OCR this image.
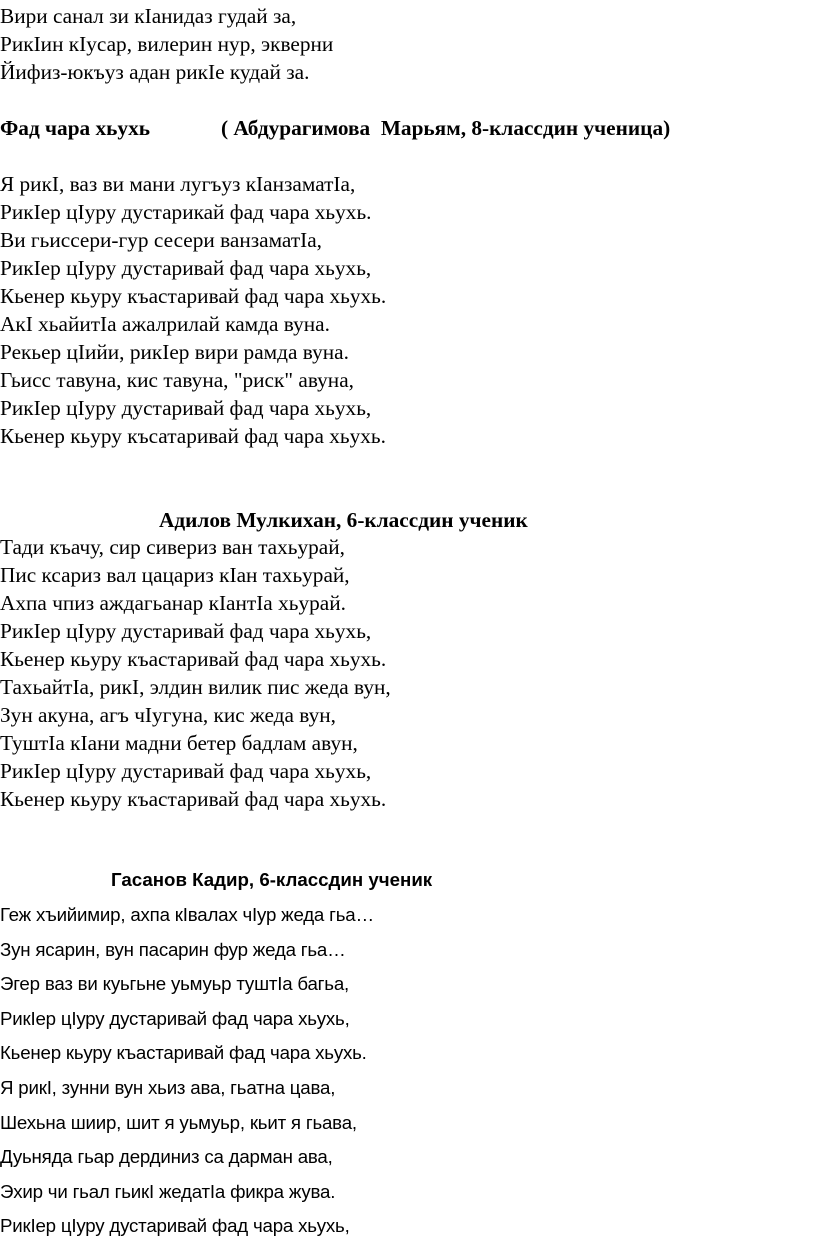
Вири санал зи кIанидаз гудай за,
РикIин кIусар, вилерин нур, экверни
Йифиз-юкъуз адан рикIе кудай за.
Фад чара хьухь	( Абдурагимова  Марьям, 8-классдин ученица)
Я рикI, ваз ви мани лугъуз кIанзаматIа,
РикIер цIуру дустарикай фад чара хьухь.
Ви гьиссери-гур сесери ванзаматIа,
РикIер цIуру дустаривай фад чара хьухь,
Кьенер кьуру къастаривай фад чара хьухь.
АкI хьайитIа ажалрилай камда вуна.
Рекьер цIийи, рикIер вири рамда вуна.
Гьисс тавуна, кис тавуна, "риск" авуна,
РикIер цIуру дустаривай фад чара хьухь,
Кьенер кьуру късатаривай фад чара хьухь.
Адилов Мулкихан, 6-классдин ученик
Тади къачу, сир сивериз ван тахьурай,
Пис ксариз вал цацариз кIан тахьурай,
Ахпа чпиз аждагьанар кIантIа хьурай.
РикIер цIуру дустаривай фад чара хьухь,
Кьенер кьуру къастаривай фад чара хьухь.
ТахьайтIа, рикI, элдин вилик пис жеда вун,
Зун акуна, агъ чIугуна, кис жеда вун,
ТуштIа кIани мадни бетер бадлам авун,
РикIер цIуру дустаривай фад чара хьухь,
Кьенер кьуру къастаривай фад чара хьухь.
Гасанов Кадир, 6-классдин ученик
Геж хъийимир, ахпа кIвалах чIур жеда гьа…
Зун ясарин, вун пасарин фур жеда гьа…
Эгер ваз ви куьгьне уьмуьр туштIа багьа,
РикIер цIуру дустаривай фад чара хьухь,
Кьенер кьуру къастаривай фад чара хьухь.
Я рикI, зунни вун хьиз ава, гьатна цава,
Шехьна шиир, шит я уьмуьр, кьит я гьава,
Дуьняда гьар дердиниз са дарман ава,
Эхир чи гьал гьикI жедатIа фикра жува.
РикIер цIуру дустаривай фад чара хьухь,
